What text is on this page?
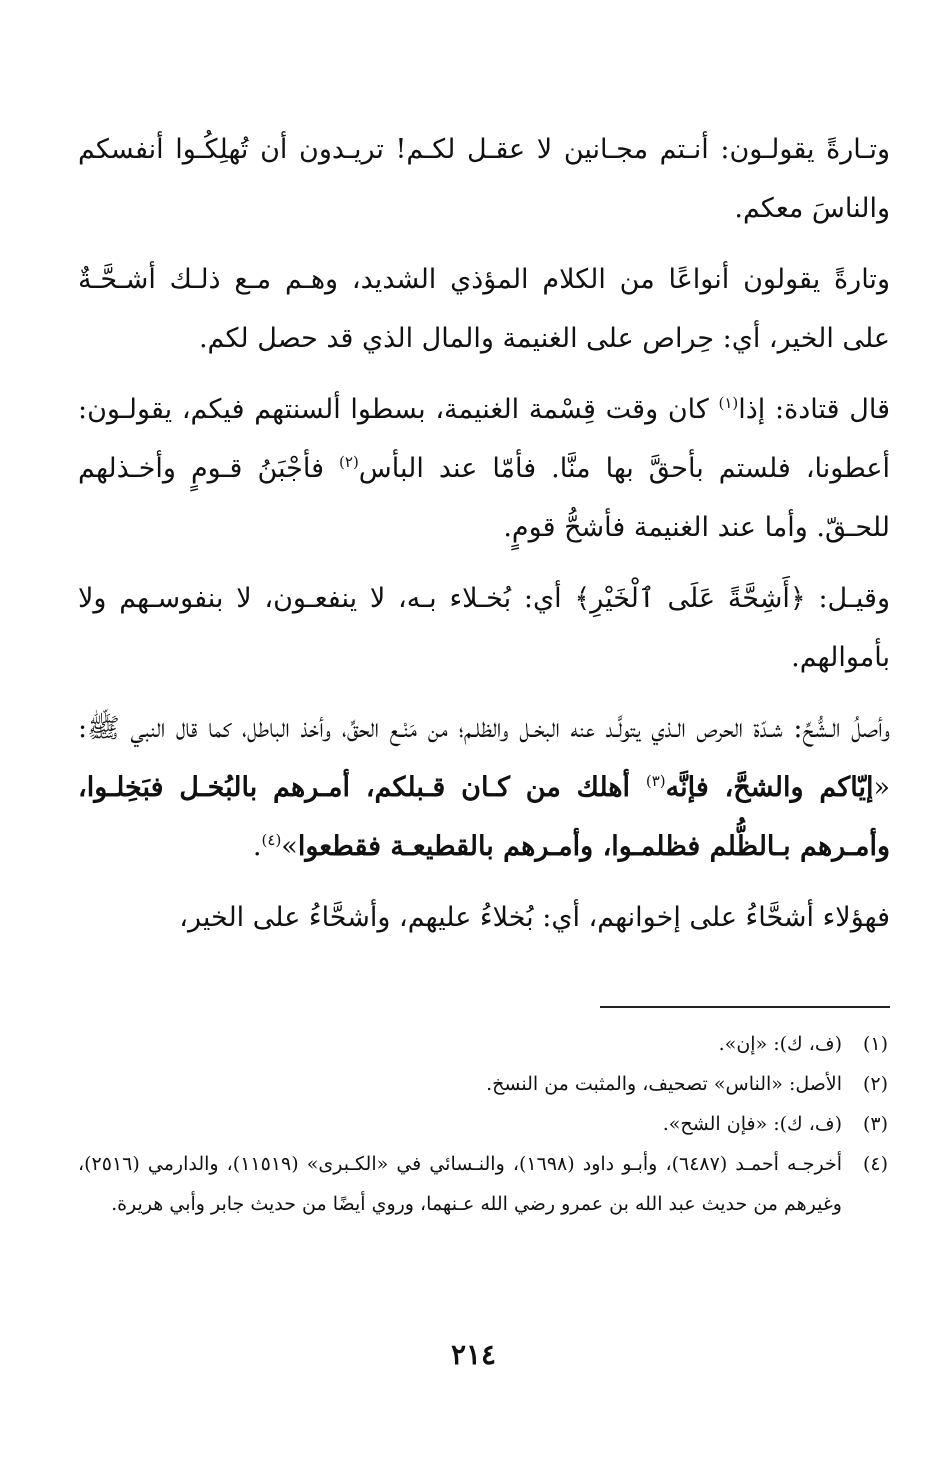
وتـارةً يقولـون: أنـتم مجـانين لا عقـل لكـم! تريـدون أن تُهلِكُـوا أنفسكم والناسَ معكم.

وتارةً يقولون أنواعًا من الكلام المؤذي الشديد، وهـم مـع ذلـك أشـحَّـةٌ على الخير، أي: حِراص على الغنيمة والمال الذي قد حصل لكم.

قال قتادة: إذا$^{(١)}$ كان وقت قِسْمة الغنيمة، بسطوا ألسنتهم فيكم، يقولـون: أعطونا، فلستم بأحقَّ بها منَّا. فأمّا عند البأس$^{(٢)}$ فأجْبَنُ قـومٍ وأخـذلهم للحـقّ. وأما عند الغنيمة فأشحُّ قومٍ.

وقيـل: ﴿أَشِحَّةً عَلَى ٱلْخَيْرِ﴾ أي: بُخـلاء بـه، لا ينفعـون، لا بنفوسـهم ولا بأموالهم.

وأصلُ الـشُّحِّ: شـدّة الحرص الـذي يتولَّـد عنه البخـل والظلـم؛ من مَنْـع الحقِّ، وأخذ الباطل، كما قال النبي ﷺ: «إيّاكم والشحَّ، فإنَّه$^{(٣)}$ أهلك من كـان قـبلكم، أمـرهم بالبُخـل فبَخِلـوا، وأمـرهم بـالظُّلم فظلمـوا، وأمـرهم بالقطيعـة فقطعوا»$^{(٤)}$.

فهؤلاء أشحَّاءُ على إخوانهم، أي: بُخلاءُ عليهم، وأشحَّاءُ على الخير،

(١)
(ف، ك): «إن».
(٢)
الأصل: «الناس» تصحيف، والمثبت من النسخ.
(٣)
(ف، ك): «فإن الشح».
(٤)
أخرجـه أحمـد (٦٤٨٧)، وأبـو داود (١٦٩٨)، والنـسائي في «الكـبرى» (١١٥١٩)، والدارمي (٢٥١٦)، وغيرهم من حديث عبد الله بن عمرو رضي الله عـنهما، وروي أيضًا من حديث جابر وأبي هريرة.
٢١٤
